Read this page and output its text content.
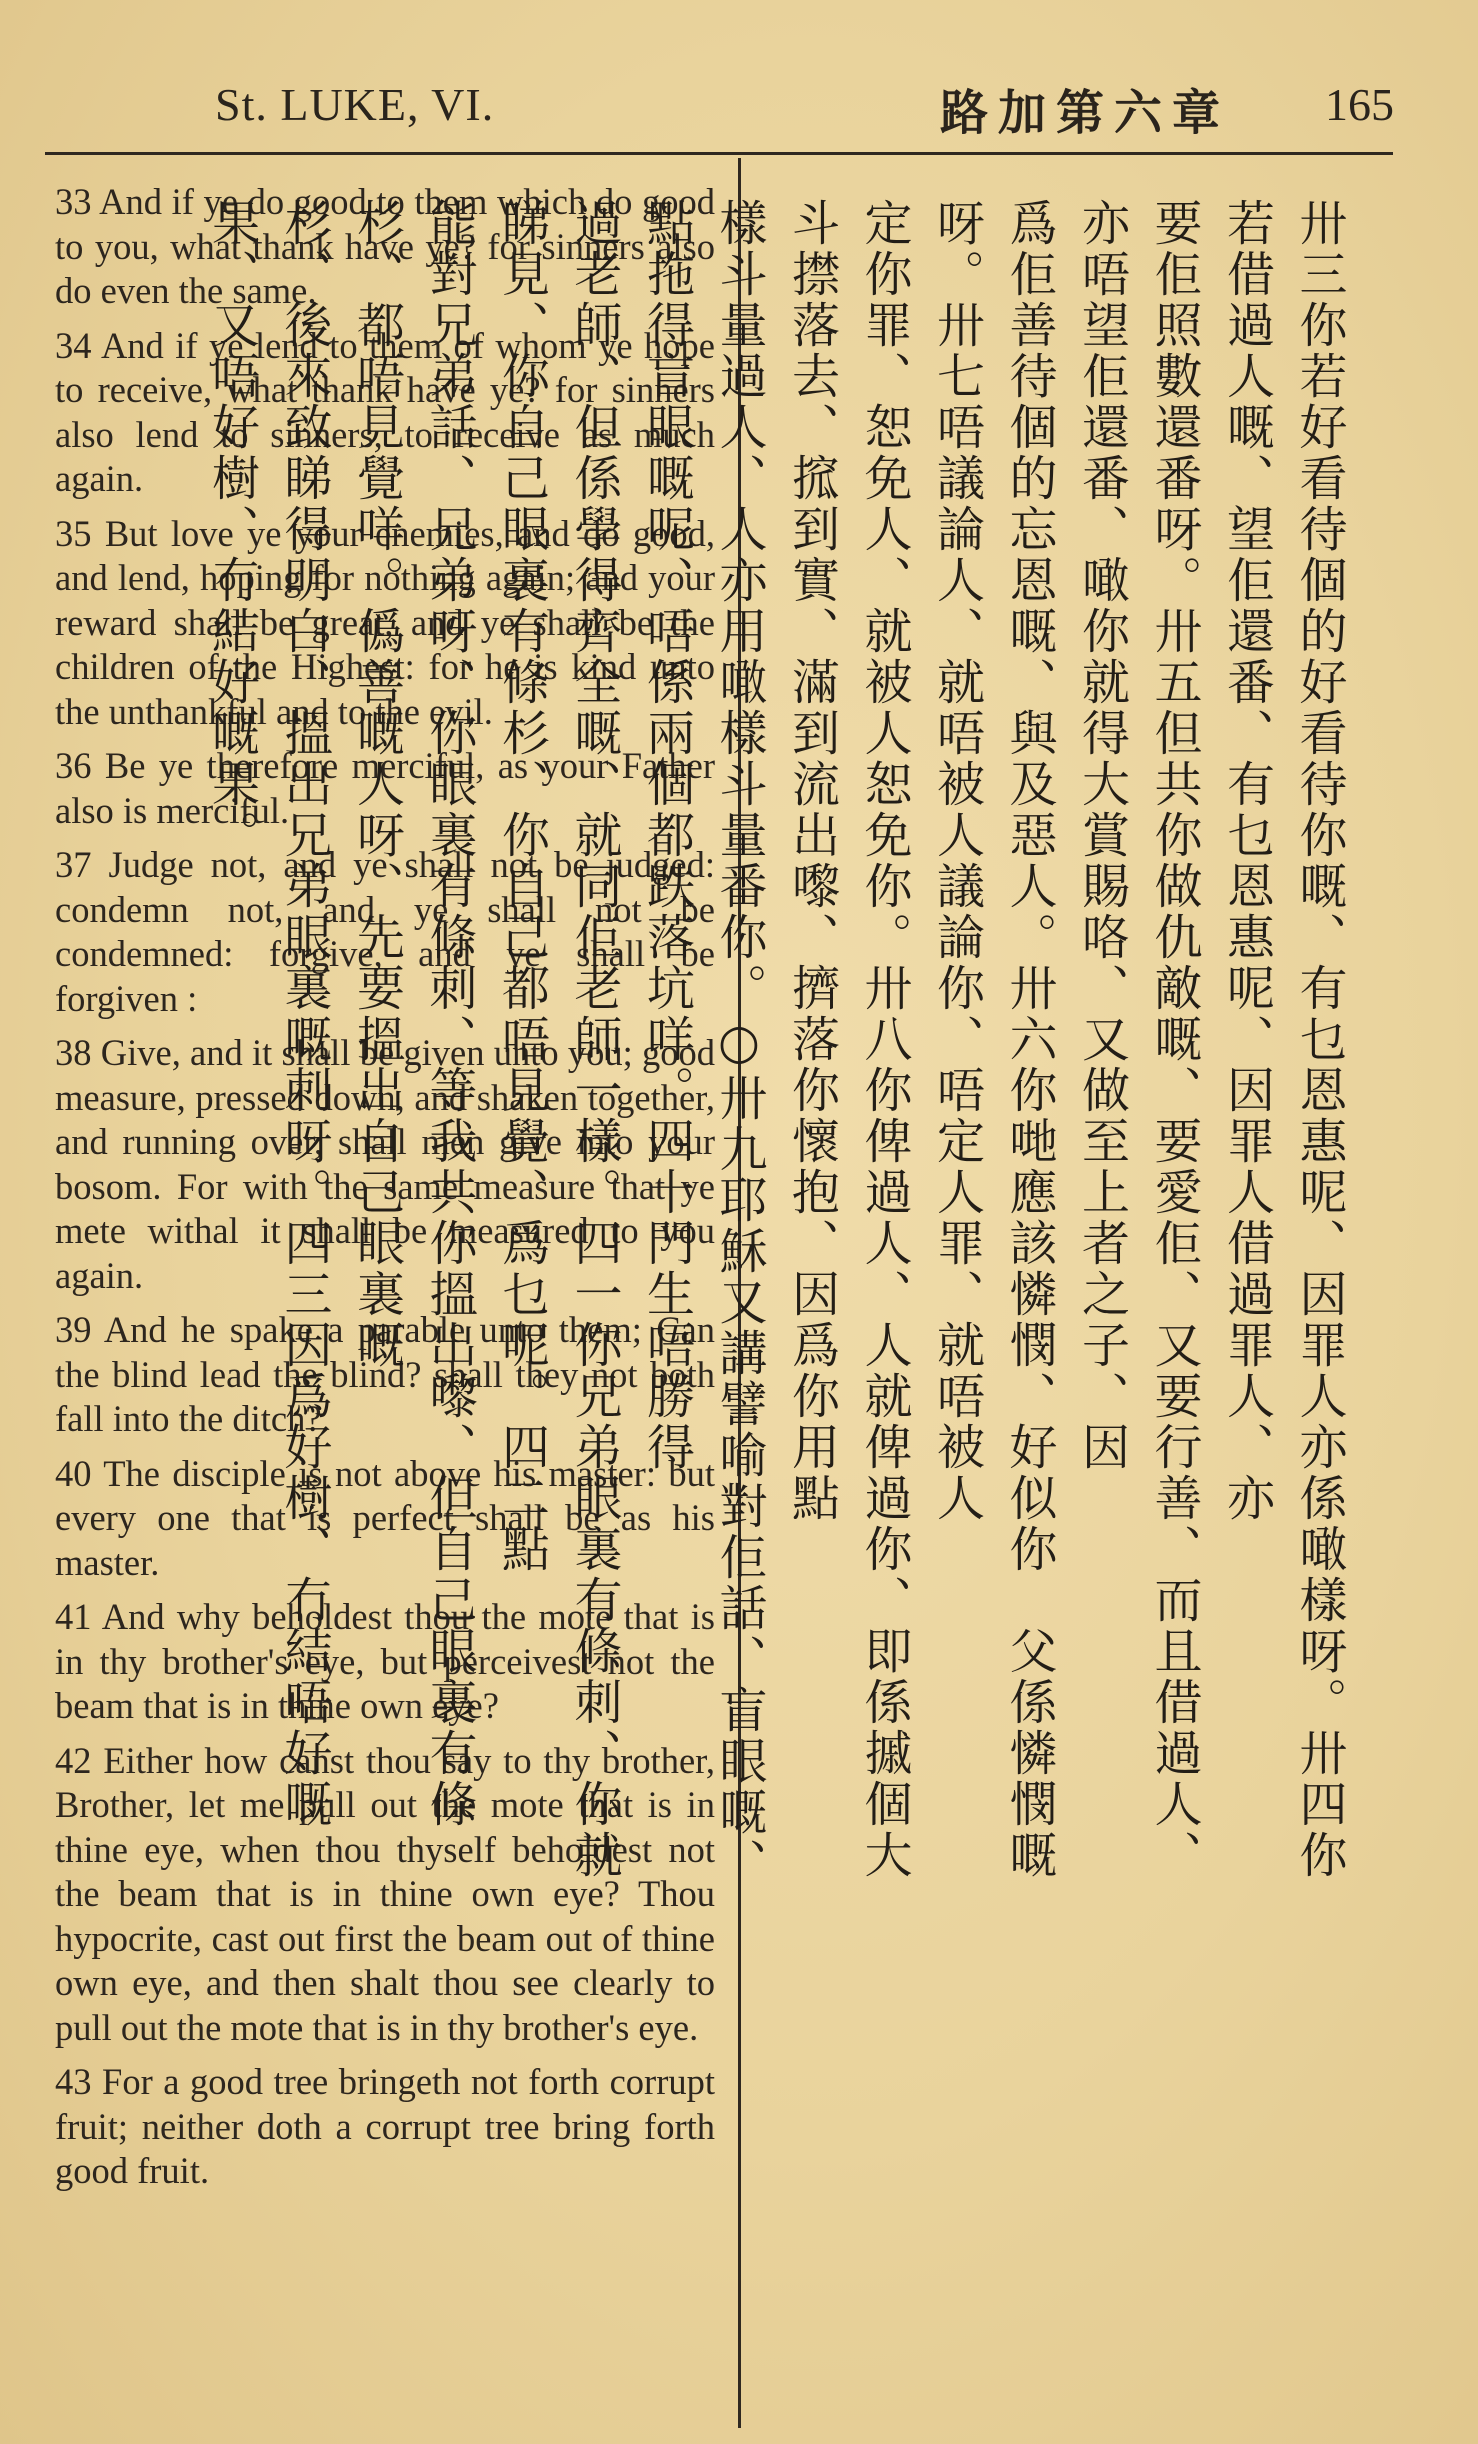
St. LUKE, VI.	路加第六章 165

33 And if ye do good to them which do good to you, what thank have ye? for sinners also do even the same.

34 And if ye lend to them of whom ye hope to receive, what thank have ye? for sinners also lend to sinners, to receive as much again.

35 But love ye your enemies, and do good, and lend, hoping for nothing again; and your reward shall be great, and ye shall be the children of the Highest: for he is kind unto the unthankful and to the evil.

36 Be ye therefore merciful, as your Father also is merciful.

37 Judge not, and ye shall not be judged: condemn not, and ye shall not be condemned: forgive, and ye shall be forgiven :

38 Give, and it shall be given unto you; good measure, pressed down, and shaken together, and running over, shall men give into your bosom. For with the same measure that ye mete withal it shall be measured to you again.

39 And he spake a parable unto them; Can the blind lead the blind? shall they not both fall into the ditch?

40 The disciple is not above his master: but every one that is perfect shall be as his master.

41 And why beholdest thou the mote that is in thy brother's eye, but perceivest not the beam that is in thine own eye?

42 Either how canst thou say to thy brother, Brother, let me pull out the mote that is in thine eye, when thou thyself beholdest not the beam that is in thine own eye? Thou hypocrite, cast out first the beam out of thine own eye, and then shalt thou see clearly to pull out the mote that is in thy brother's eye.

43 For a good tree bringeth not forth corrupt fruit; neither doth a corrupt tree bring forth good fruit.

卅三你若好看待個的好看待你嘅、有乜恩惠呢、因罪人亦係噉樣呀。卅四你若借過人嘅、望佢還番、有乜恩惠呢、因罪人借過罪人、亦

要佢照數還番呀。卅五但共你做仇敵嘅、要愛佢、又要行善、而且借過人、亦唔望佢還番、噉你就得大賞賜咯、又做至上者之子、因

爲佢善待個的忘恩嘅、與及惡人。卅六你哋應該憐憫、好似你　父係憐憫嘅呀。卅七唔議論人、就唔被人議論你、唔定人罪、就唔被人

定你罪、恕免人、就被人恕免你。卅八你俾過人、人就俾過你、即係摵個大斗㩒落去、搲到實、滿到流出嚟、擠落你懷抱、因爲你用點

樣斗量過人、人亦用噉樣斗量番你。○卅九耶穌又講譬喻對佢話、盲眼嘅、點拖得盲眼嘅呢、唔係兩個都跌落坑咩。四十門生唔勝得

過老師、但係學得齊全嘅、就同佢老師一樣。四一你兄弟眼裏有條刺、你就睇見、你自己眼裏有條杉、你自己都唔見覺、爲乜呢。四二點

能對兄弟話、兄弟呀、你眼裏有條刺、等我共你搵出嚟、但自己眼裏有條杉、都唔見覺咩。僞善嘅人呀、先要搵出自己眼裏嘅

杉、後來致睇得明白、搵出兄弟眼裏嘅刺呀。四三因爲好樹、冇結唔好嘅果、又唔好樹、冇結好嘅果。
